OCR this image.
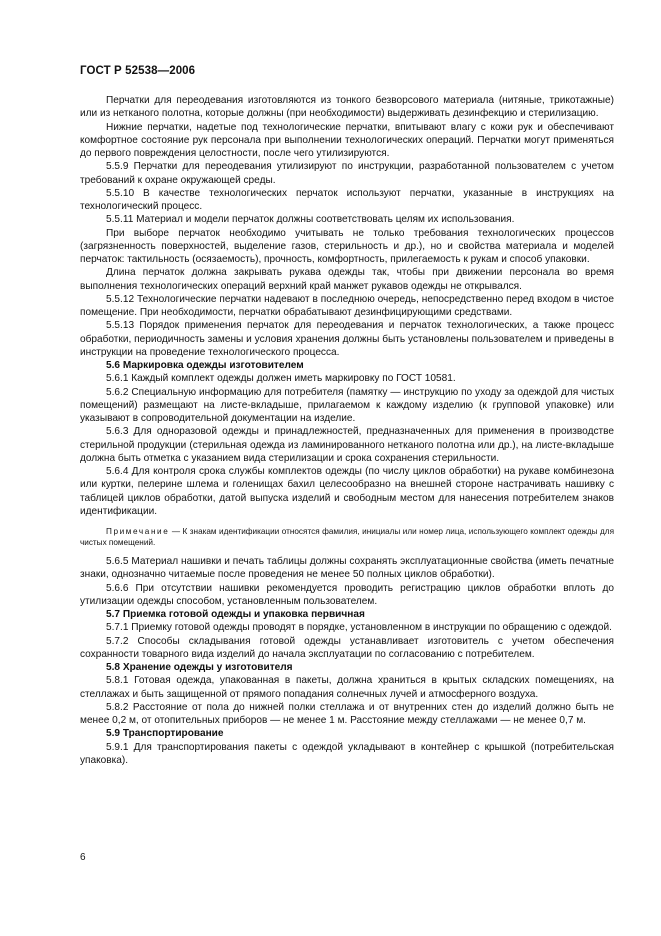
ГОСТ Р 52538—2006

Перчатки для переодевания изготовляются из тонкого безворсового материала (нитяные, трикотажные) или из нетканого полотна, которые должны (при необходимости) выдерживать дезинфекцию и стерилизацию.

Нижние перчатки, надетые под технологические перчатки, впитывают влагу с кожи рук и обеспечивают комфортное состояние рук персонала при выполнении технологических операций. Перчатки могут применяться до первого повреждения целостности, после чего утилизируются.

5.5.9 Перчатки для переодевания утилизируют по инструкции, разработанной пользователем с учетом требований к охране окружающей среды.

5.5.10 В качестве технологических перчаток используют перчатки, указанные в инструкциях на технологический процесс.

5.5.11 Материал и модели перчаток должны соответствовать целям их использования.

При выборе перчаток необходимо учитывать не только требования технологических процессов (загрязненность поверхностей, выделение газов, стерильность и др.), но и свойства материала и моделей перчаток: тактильность (осязаемость), прочность, комфортность, прилегаемость к рукам и способ упаковки.

Длина перчаток должна закрывать рукава одежды так, чтобы при движении персонала во время выполнения технологических операций верхний край манжет рукавов одежды не открывался.

5.5.12 Технологические перчатки надевают в последнюю очередь, непосредственно перед входом в чистое помещение. При необходимости, перчатки обрабатывают дезинфицирующими средствами.

5.5.13 Порядок применения перчаток для переодевания и перчаток технологических, а также процесс обработки, периодичность замены и условия хранения должны быть установлены пользователем и приведены в инструкции на проведение технологического процесса.

5.6 Маркировка одежды изготовителем

5.6.1 Каждый комплект одежды должен иметь маркировку по ГОСТ 10581.

5.6.2 Специальную информацию для потребителя (памятку — инструкцию по уходу за одеждой для чистых помещений) размещают на листе-вкладыше, прилагаемом к каждому изделию (к групповой упаковке) или указывают в сопроводительной документации на изделие.

5.6.3 Для одноразовой одежды и принадлежностей, предназначенных для применения в производстве стерильной продукции (стерильная одежда из ламинированного нетканого полотна или др.), на листе-вкладыше должна быть отметка с указанием вида стерилизации и срока сохранения стерильности.

5.6.4 Для контроля срока службы комплектов одежды (по числу циклов обработки) на рукаве комбинезона или куртки, пелерине шлема и голенищах бахил целесообразно на внешней стороне настрачивать нашивку с таблицей циклов обработки, датой выпуска изделий и свободным местом для нанесения потребителем знаков идентификации.

Примечание — К знакам идентификации относятся фамилия, инициалы или номер лица, использующего комплект одежды для чистых помещений.

5.6.5 Материал нашивки и печать таблицы должны сохранять эксплуатационные свойства (иметь печатные знаки, однозначно читаемые после проведения не менее 50 полных циклов обработки).

5.6.6 При отсутствии нашивки рекомендуется проводить регистрацию циклов обработки вплоть до утилизации одежды способом, установленным пользователем.

5.7 Приемка готовой одежды и упаковка первичная

5.7.1 Приемку готовой одежды проводят в порядке, установленном в инструкции по обращению с одеждой.

5.7.2 Способы складывания готовой одежды устанавливает изготовитель с учетом обеспечения сохранности товарного вида изделий до начала эксплуатации по согласованию с потребителем.

5.8 Хранение одежды у изготовителя

5.8.1 Готовая одежда, упакованная в пакеты, должна храниться в крытых складских помещениях, на стеллажах и быть защищенной от прямого попадания солнечных лучей и атмосферного воздуха.

5.8.2 Расстояние от пола до нижней полки стеллажа и от внутренних стен до изделий должно быть не менее 0,2 м, от отопительных приборов — не менее 1 м. Расстояние между стеллажами — не менее 0,7 м.

5.9 Транспортирование

5.9.1 Для транспортирования пакеты с одеждой укладывают в контейнер с крышкой (потребительская упаковка).

6
